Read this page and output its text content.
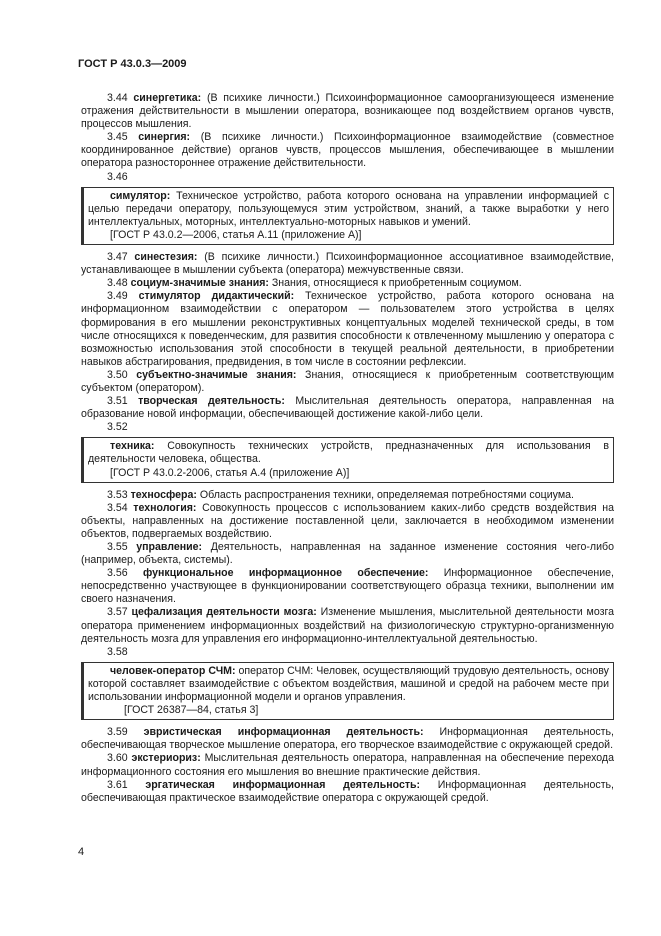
ГОСТ Р 43.0.3—2009

3.44 синергетика: (В психике личности.) Психоинформационное самоорганизующееся изменение отражения действительности в мышлении оператора, возникающее под воздействием органов чувств, процессов мышления.

3.45 синергия: (В психике личности.) Психоинформационное взаимодействие (совместное координированное действие) органов чувств, процессов мышления, обеспечивающее в мышлении оператора разностороннее отражение действительности.

3.46

симулятор: Техническое устройство, работа которого основана на управлении информацией с целью передачи оператору, пользующемуся этим устройством, знаний, а также выработки у него интеллектуальных, моторных, интеллектуально-моторных навыков и умений.

[ГОСТ Р 43.0.2—2006, статья А.11 (приложение А)]

3.47 синестезия: (В психике личности.) Психоинформационное ассоциативное взаимодействие, устанавливающее в мышлении субъекта (оператора) межчувственные связи.

3.48 социум-значимые знания: Знания, относящиеся к приобретенным социумом.

3.49 стимулятор дидактический: Техническое устройство, работа которого основана на информационном взаимодействии с оператором — пользователем этого устройства в целях формирования в его мышлении реконструктивных концептуальных моделей технической среды, в том числе относящихся к поведенческим, для развития способности к отвлеченному мышлению у оператора с возможностью использования этой способности в текущей реальной деятельности, в приобретении навыков абстрагирования, предвидения, в том числе в состоянии рефлексии.

3.50 субъектно-значимые знания: Знания, относящиеся к приобретенным соответствующим субъектом (оператором).

3.51 творческая деятельность: Мыслительная деятельность оператора, направленная на образование новой информации, обеспечивающей достижение какой-либо цели.

3.52

техника: Совокупность технических устройств, предназначенных для использования в деятельности человека, общества.

[ГОСТ Р 43.0.2-2006, статья А.4 (приложение А)]

3.53 техносфера: Область распространения техники, определяемая потребностями социума.

3.54 технология: Совокупность процессов с использованием каких-либо средств воздействия на объекты, направленных на достижение поставленной цели, заключается в необходимом изменении объектов, подвергаемых воздействию.

3.55 управление: Деятельность, направленная на заданное изменение состояния чего-либо (например, объекта, системы).

3.56 функциональное информационное обеспечение: Информационное обеспечение, непосредственно участвующее в функционировании соответствующего образца техники, выполнении им своего назначения.

3.57 цефализация деятельности мозга: Изменение мышления, мыслительной деятельности мозга оператора применением информационных воздействий на физиологическую структурно-организменную деятельность мозга для управления его информационно-интеллектуальной деятельностью.

3.58

человек-оператор СЧМ: оператор СЧМ: Человек, осуществляющий трудовую деятельность, основу которой составляет взаимодействие с объектом воздействия, машиной и средой на рабочем месте при использовании информационной модели и органов управления.

[ГОСТ 26387—84, статья 3]

3.59 эвристическая информационная деятельность: Информационная деятельность, обеспечивающая творческое мышление оператора, его творческое взаимодействие с окружающей средой.

3.60 экстериориз: Мыслительная деятельность оператора, направленная на обеспечение перехода информационного состояния его мышления во внешние практические действия.

3.61 эргатическая информационная деятельность: Информационная деятельность, обеспечивающая практическое взаимодействие оператора с окружающей средой.

4
